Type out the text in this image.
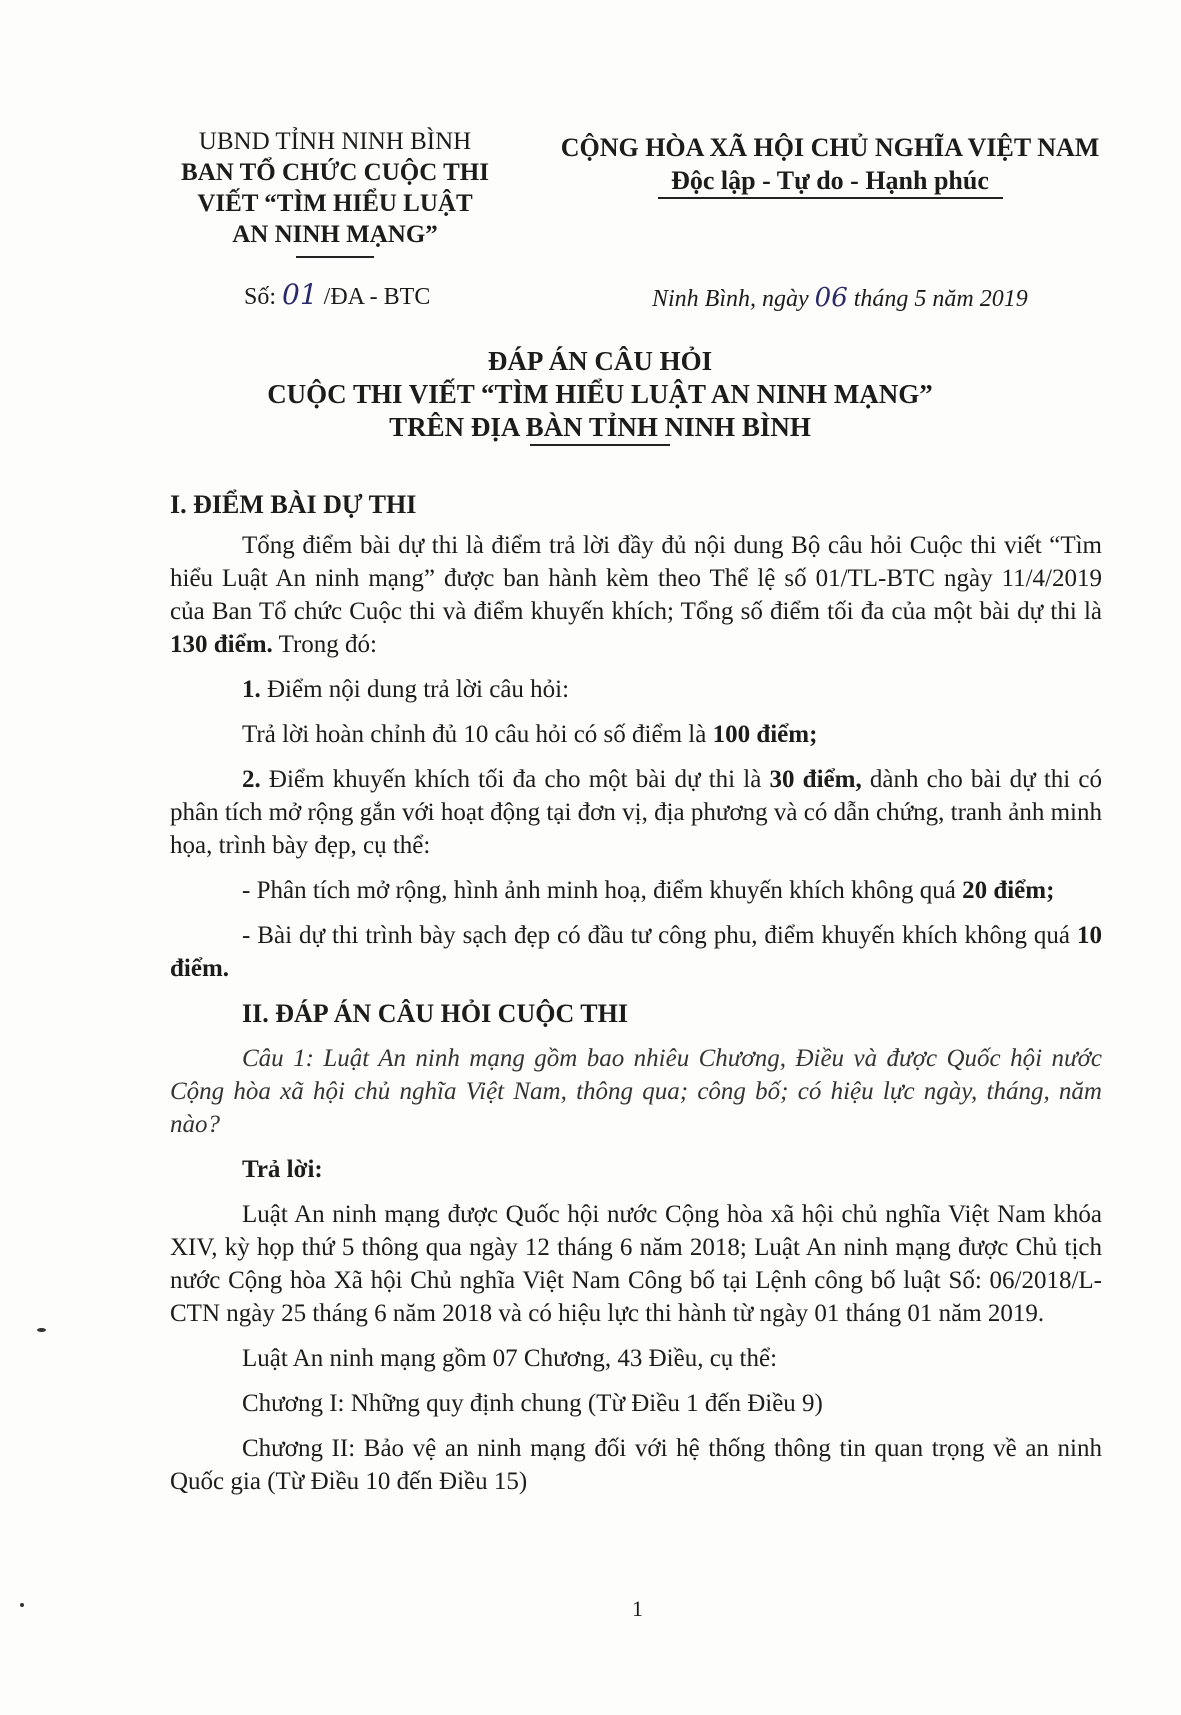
UBND TỈNH NINH BÌNH
BAN TỔ CHỨC CUỘC THI
VIẾT “TÌM HIỂU LUẬT
AN NINH MẠNG”
CỘNG HÒA XÃ HỘI CHỦ NGHĨA VIỆT NAM
Độc lập - Tự do - Hạnh phúc
Số: 01 /ĐA - BTC	Ninh Bình, ngày 06 tháng 5 năm 2019
ĐÁP ÁN CÂU HỎI
CUỘC THI VIẾT “TÌM HIỂU LUẬT AN NINH MẠNG”
TRÊN ĐỊA BÀN TỈNH NINH BÌNH

I. ĐIỂM BÀI DỰ THI

Tổng điểm bài dự thi là điểm trả lời đầy đủ nội dung Bộ câu hỏi Cuộc thi viết “Tìm hiểu Luật An ninh mạng” được ban hành kèm theo Thể lệ số 01/TL-BTC ngày 11/4/2019 của Ban Tổ chức Cuộc thi và điểm khuyến khích; Tổng số điểm tối đa của một bài dự thi là 130 điểm. Trong đó:

1. Điểm nội dung trả lời câu hỏi:

Trả lời hoàn chỉnh đủ 10 câu hỏi có số điểm là 100 điểm;

2. Điểm khuyến khích tối đa cho một bài dự thi là 30 điểm, dành cho bài dự thi có phân tích mở rộng gắn với hoạt động tại đơn vị, địa phương và có dẫn chứng, tranh ảnh minh họa, trình bày đẹp, cụ thể:

- Phân tích mở rộng, hình ảnh minh hoạ, điểm khuyến khích không quá 20 điểm;

- Bài dự thi trình bày sạch đẹp có đầu tư công phu, điểm khuyến khích không quá 10 điểm.

II. ĐÁP ÁN CÂU HỎI CUỘC THI

Câu 1: Luật An ninh mạng gồm bao nhiêu Chương, Điều và được Quốc hội nước Cộng hòa xã hội chủ nghĩa Việt Nam, thông qua; công bố; có hiệu lực ngày, tháng, năm nào?

Trả lời:

Luật An ninh mạng được Quốc hội nước Cộng hòa xã hội chủ nghĩa Việt Nam khóa XIV, kỳ họp thứ 5 thông qua ngày 12 tháng 6 năm 2018; Luật An ninh mạng được Chủ tịch nước Cộng hòa Xã hội Chủ nghĩa Việt Nam Công bố tại Lệnh công bố luật Số: 06/2018/L-CTN ngày 25 tháng 6 năm 2018 và có hiệu lực thi hành từ ngày 01 tháng 01 năm 2019.

Luật An ninh mạng gồm 07 Chương, 43 Điều, cụ thể:

Chương I: Những quy định chung (Từ Điều 1 đến Điều 9)

Chương II: Bảo vệ an ninh mạng đối với hệ thống thông tin quan trọng về an ninh Quốc gia (Từ Điều 10 đến Điều 15)

1
